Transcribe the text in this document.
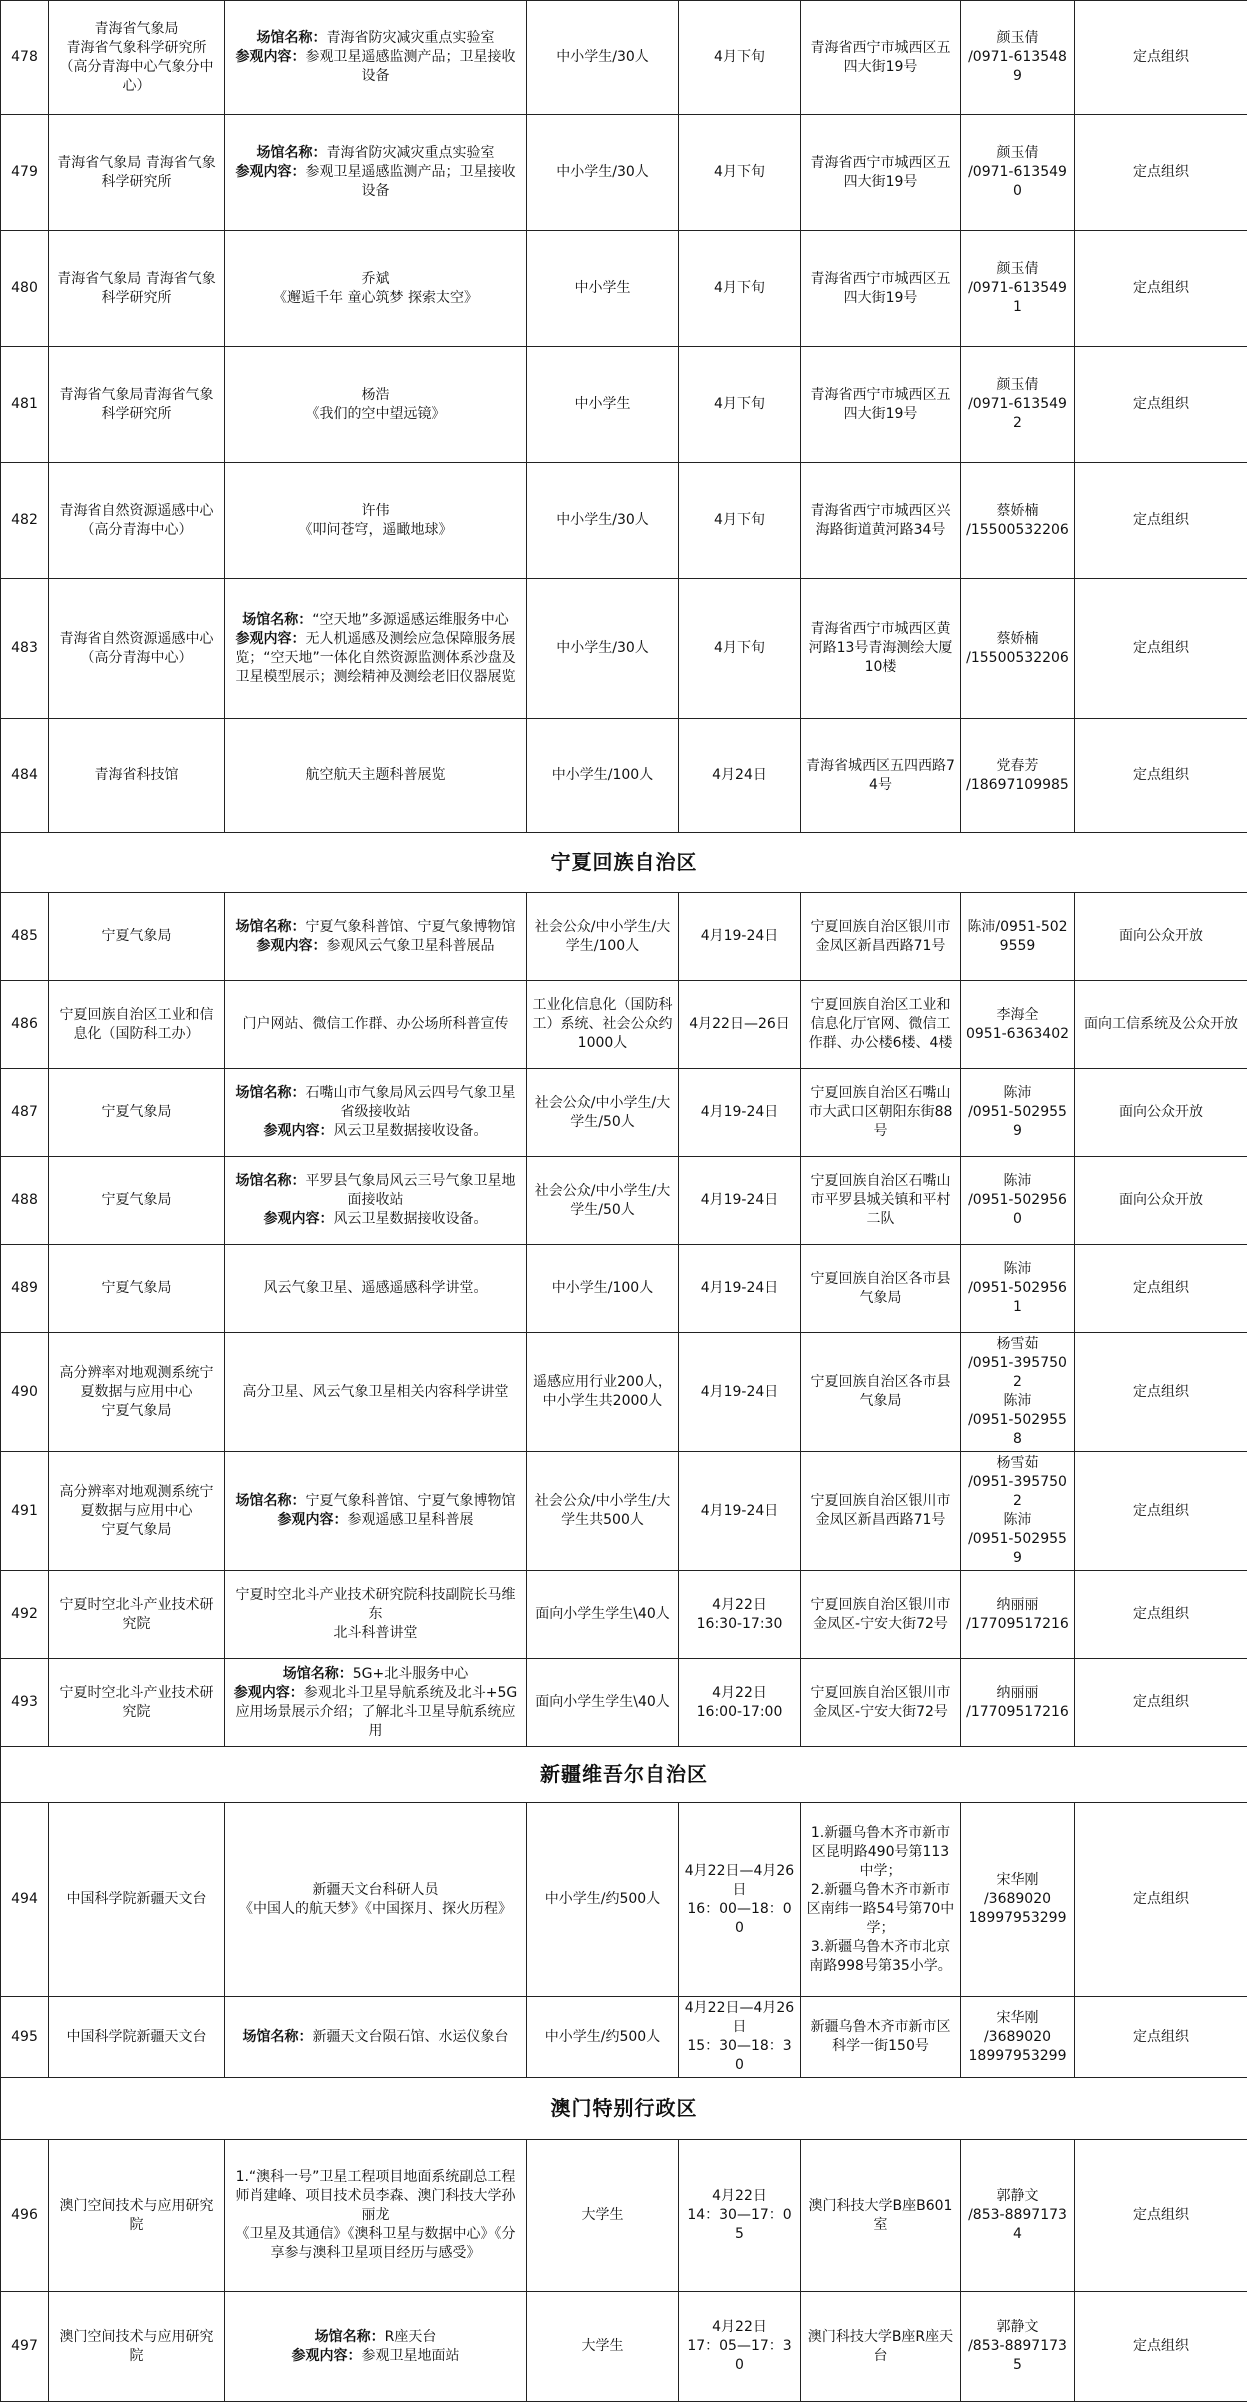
478	青海省气象局
青海省气象科学研究所
（高分青海中心气象分中心）	场馆名称：青海省防灾减灾重点实验室
参观内容：参观卫星遥感监测产品；卫星接收设备	中小学生/30人	4月下旬	青海省西宁市城西区五四大街19号	颜玉倩
/0971-6135489	定点组织

479	青海省气象局 青海省气象科学研究所	场馆名称：青海省防灾减灾重点实验室
参观内容：参观卫星遥感监测产品；卫星接收设备	中小学生/30人	4月下旬	青海省西宁市城西区五四大街19号	颜玉倩
/0971-6135490	定点组织

480	青海省气象局 青海省气象科学研究所	乔斌
《邂逅千年 童心筑梦 探索太空》	中小学生	4月下旬	青海省西宁市城西区五四大街19号	颜玉倩
/0971-6135491	定点组织

481	青海省气象局青海省气象科学研究所	杨浩
《我们的空中望远镜》	中小学生	4月下旬	青海省西宁市城西区五四大街19号	颜玉倩
/0971-6135492	定点组织

482	青海省自然资源遥感中心（高分青海中心）	许伟
《叩问苍穹，遥瞰地球》	中小学生/30人	4月下旬	青海省西宁市城西区兴海路街道黄河路34号	蔡娇楠
/15500532206	定点组织

483	青海省自然资源遥感中心（高分青海中心）	场馆名称：“空天地”多源遥感运维服务中心
参观内容：无人机遥感及测绘应急保障服务展览；“空天地”一体化自然资源监测体系沙盘及卫星模型展示；测绘精神及测绘老旧仪器展览	中小学生/30人	4月下旬	青海省西宁市城西区黄河路13号青海测绘大厦10楼	蔡娇楠
/15500532206	定点组织

484	青海省科技馆	航空航天主题科普展览	中小学生/100人	4月24日	青海省城西区五四西路74号	党春芳
/18697109985	定点组织

宁夏回族自治区							

485	宁夏气象局	场馆名称：宁夏气象科普馆、宁夏气象博物馆
参观内容：参观风云气象卫星科普展品	社会公众/中小学生/大学生/100人	4月19-24日	宁夏回族自治区银川市金凤区新昌西路71号	陈沛/0951-5029559	面向公众开放

486	宁夏回族自治区工业和信息化（国防科工办）	门户网站、微信工作群、办公场所科普宣传	工业化信息化（国防科工）系统、社会公众约1000人	4月22日—26日	宁夏回族自治区工业和信息化厅官网、微信工作群、办公楼6楼、4楼	李海全
0951-6363402	面向工信系统及公众开放

487	宁夏气象局	场馆名称：石嘴山市气象局风云四号气象卫星省级接收站
参观内容：风云卫星数据接收设备。	社会公众/中小学生/大学生/50人	4月19-24日	宁夏回族自治区石嘴山市大武口区朝阳东街88号	陈沛
/0951-5029559	面向公众开放

488	宁夏气象局	场馆名称：平罗县气象局风云三号气象卫星地面接收站
参观内容：风云卫星数据接收设备。	社会公众/中小学生/大学生/50人	4月19-24日	宁夏回族自治区石嘴山市平罗县城关镇和平村二队	陈沛
/0951-5029560	面向公众开放

489	宁夏气象局	风云气象卫星、遥感遥感科学讲堂。	中小学生/100人	4月19-24日	宁夏回族自治区各市县气象局	陈沛
/0951-5029561	定点组织

490	高分辨率对地观测系统宁夏数据与应用中心
宁夏气象局	高分卫星、风云气象卫星相关内容科学讲堂	遥感应用行业200人，
中小学生共2000人	4月19-24日	宁夏回族自治区各市县气象局	杨雪茹
/0951-3957502
陈沛
/0951-5029558	定点组织

491	高分辨率对地观测系统宁夏数据与应用中心
宁夏气象局	场馆名称：宁夏气象科普馆、宁夏气象博物馆
参观内容：参观遥感卫星科普展	社会公众/中小学生/大学生共500人	4月19-24日	宁夏回族自治区银川市金凤区新昌西路71号	杨雪茹
/0951-3957502
陈沛
/0951-5029559	定点组织

492	宁夏时空北斗产业技术研究院	宁夏时空北斗产业技术研究院科技副院长马维东
北斗科普讲堂	面向小学生学生\40人	4月22日
16:30-17:30	宁夏回族自治区银川市金凤区-宁安大街72号	纳丽丽
/17709517216	定点组织

493	宁夏时空北斗产业技术研究院	场馆名称：5G+北斗服务中心
参观内容：参观北斗卫星导航系统及北斗+5G应用场景展示介绍；了解北斗卫星导航系统应用	面向小学生学生\40人	4月22日
16:00-17:00	宁夏回族自治区银川市金凤区-宁安大街72号	纳丽丽
/17709517216	定点组织

新疆维吾尔自治区							

494	中国科学院新疆天文台	新疆天文台科研人员
《中国人的航天梦》《中国探月、探火历程》	中小学生/约500人	4月22日—4月26日
16：00—18：00	1.新疆乌鲁木齐市新市区昆明路490号第113中学；
2.新疆乌鲁木齐市新市区南纬一路54号第70中学；
3.新疆乌鲁木齐市北京南路998号第35小学。	宋华刚
/3689020
18997953299	定点组织

495	中国科学院新疆天文台	场馆名称：新疆天文台陨石馆、水运仪象台	中小学生/约500人	4月22日—4月26日
15：30—18：30	新疆乌鲁木齐市新市区科学一街150号	宋华刚
/3689020
18997953299	定点组织

澳门特别行政区							

496	澳门空间技术与应用研究院	1.“澳科一号”卫星工程项目地面系统副总工程师肖建峰、项目技术员李森、澳门科技大学孙丽龙
《卫星及其通信》《澳科卫星与数据中心》《分享参与澳科卫星项目经历与感受》	大学生	4月22日
14：30—17：05	澳门科技大学B座B601室	郭静文
/853-88971734	定点组织

497	澳门空间技术与应用研究院	场馆名称：R座天台
参观内容：参观卫星地面站	大学生	4月22日
17：05—17：30	澳门科技大学B座R座天台	郭静文
/853-88971735	定点组织
